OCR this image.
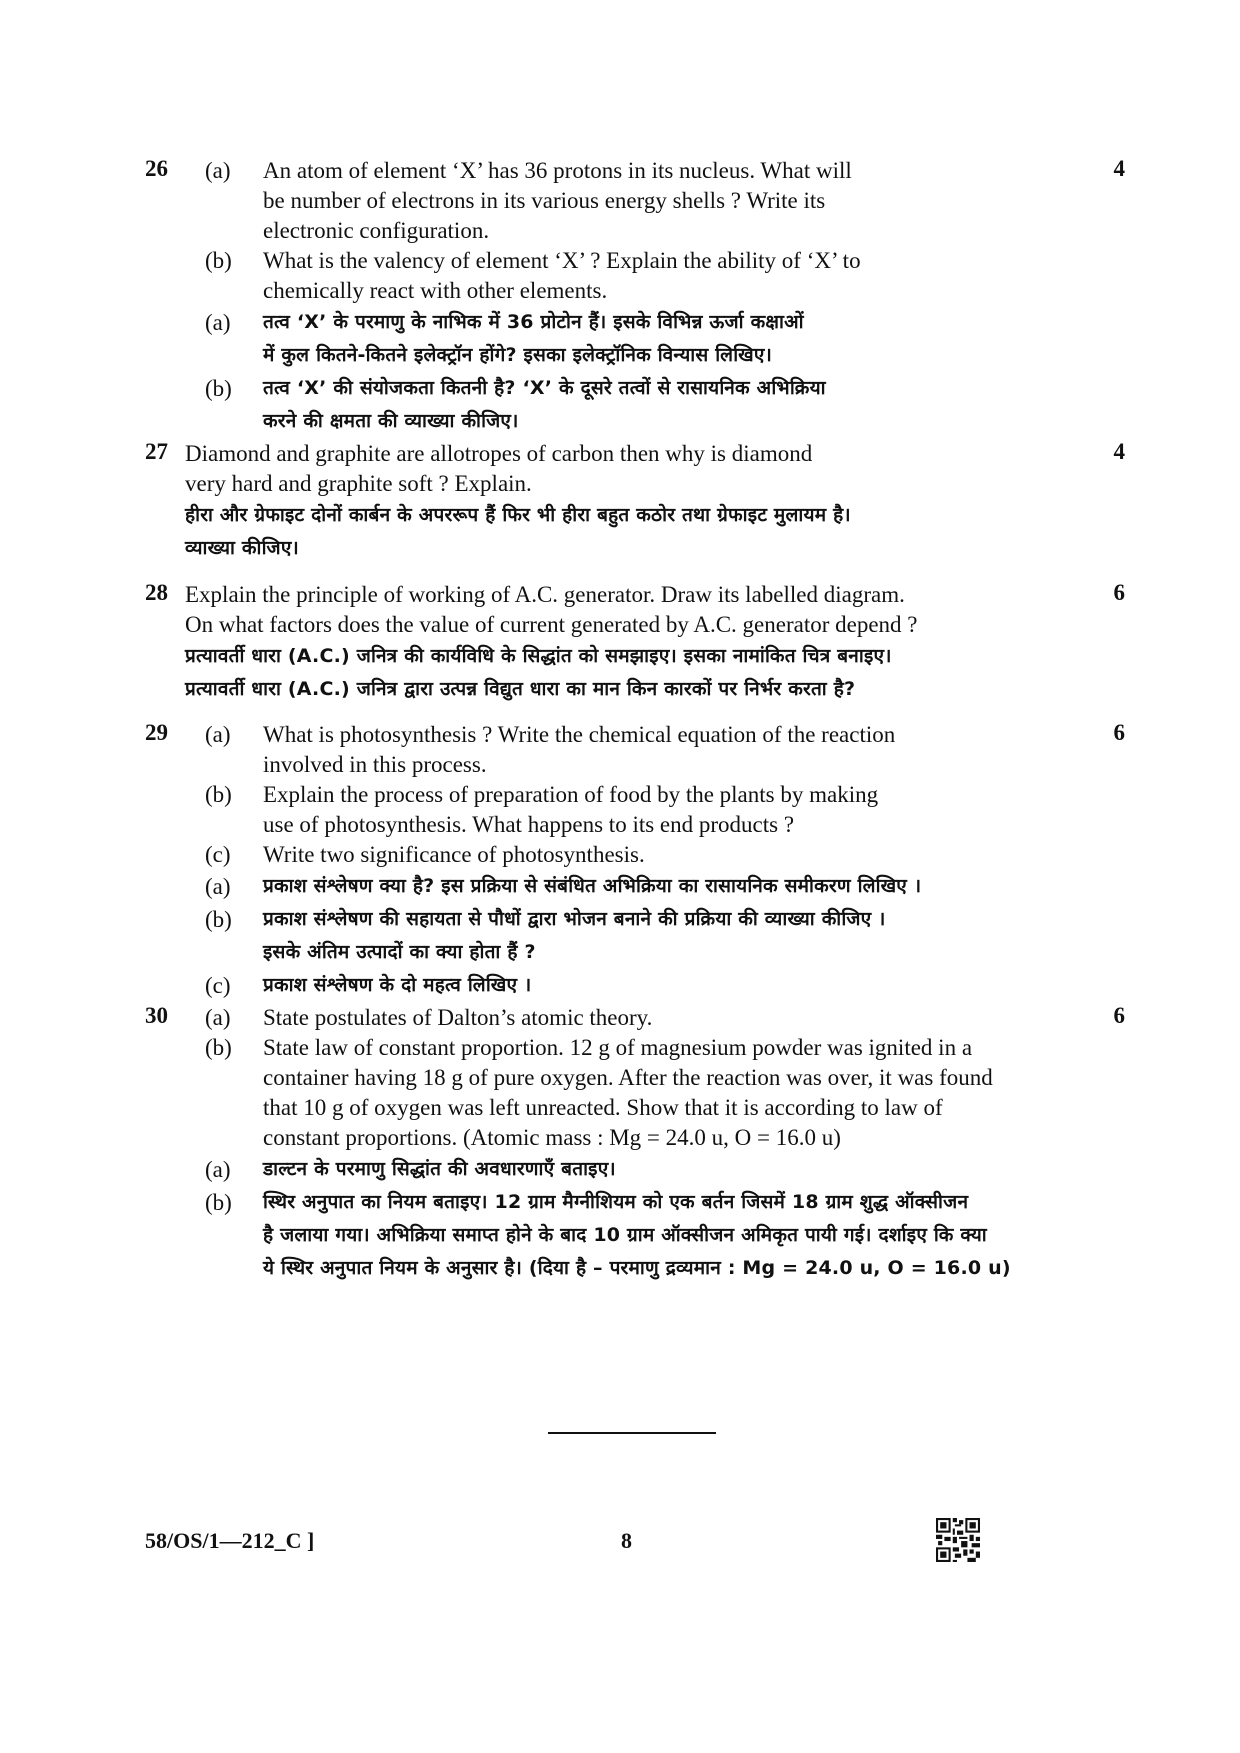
26	4
(a)	An atom of element ‘X’ has 36 protons in its nucleus. What will
be number of electrons in its various energy shells ? Write its
electronic configuration.
(b)	What is the valency of element ‘X’ ? Explain the ability of ‘X’ to
chemically react with other elements.
(a)	तत्व ‘X’ के परमाणु के नाभिक में 36 प्रोटोन हैं। इसके विभिन्न ऊर्जा कक्षाओं
में कुल कितने-कितने इलेक्ट्रॉन होंगे? इसका इलेक्ट्रॉनिक विन्यास लिखिए।
(b)	तत्व ‘X’ की संयोजकता कितनी है? ‘X’ के दूसरे तत्वों से रासायनिक अभिक्रिया
करने की क्षमता की व्याख्या कीजिए।
27	4
Diamond and graphite are allotropes of carbon then why is diamond
very hard and graphite soft ? Explain.
हीरा और ग्रेफाइट दोनों कार्बन के अपररूप हैं फिर भी हीरा बहुत कठोर तथा ग्रेफाइट मुलायम है।
व्याख्या कीजिए।
28	6
Explain the principle of working of A.C. generator. Draw its labelled diagram.
On what factors does the value of current generated by A.C. generator depend ?
प्रत्यावर्ती धारा (A.C.) जनित्र की कार्यविधि के सिद्धांत को समझाइए। इसका नामांकित चित्र बनाइए।
प्रत्यावर्ती धारा (A.C.) जनित्र द्वारा उत्पन्न विद्युत धारा का मान किन कारकों पर निर्भर करता है?
29	6
(a)	What is photosynthesis ? Write the chemical equation of the reaction
involved in this process.
(b)	Explain the process of preparation of food by the plants by making
use of photosynthesis. What happens to its end products ?
(c)	Write two significance of photosynthesis.
(a)	प्रकाश संश्लेषण क्या है? इस प्रक्रिया से संबंधित अभिक्रिया का रासायनिक समीकरण लिखिए ।
(b)	प्रकाश संश्लेषण की सहायता से पौधों द्वारा भोजन बनाने की प्रक्रिया की व्याख्या कीजिए ।
इसके अंतिम उत्पादों का क्या होता हैं ?
(c)	प्रकाश संश्लेषण के दो महत्व लिखिए ।
30	6
(a)	State postulates of Dalton’s atomic theory.
(b)	State law of constant proportion. 12 g of magnesium powder was ignited in a
container having 18 g of pure oxygen. After the reaction was over, it was found
that 10 g of oxygen was left unreacted. Show that it is according to law of
constant proportions. (Atomic mass : Mg = 24.0 u, O = 16.0 u)
(a)	डाल्टन के परमाणु सिद्धांत की अवधारणाएँ बताइए।
(b)	स्थिर अनुपात का नियम बताइए। 12 ग्राम मैग्नीशियम को एक बर्तन जिसमें 18 ग्राम शुद्ध ऑक्सीजन
है जलाया गया। अभिक्रिया समाप्त होने के बाद 10 ग्राम ऑक्सीजन अमिकृत पायी गई। दर्शाइए कि क्या
ये स्थिर अनुपात नियम के अनुसार है। (दिया है – परमाणु द्रव्यमान : Mg = 24.0 u, O = 16.0 u)
58/OS/1—212_C ]	8
